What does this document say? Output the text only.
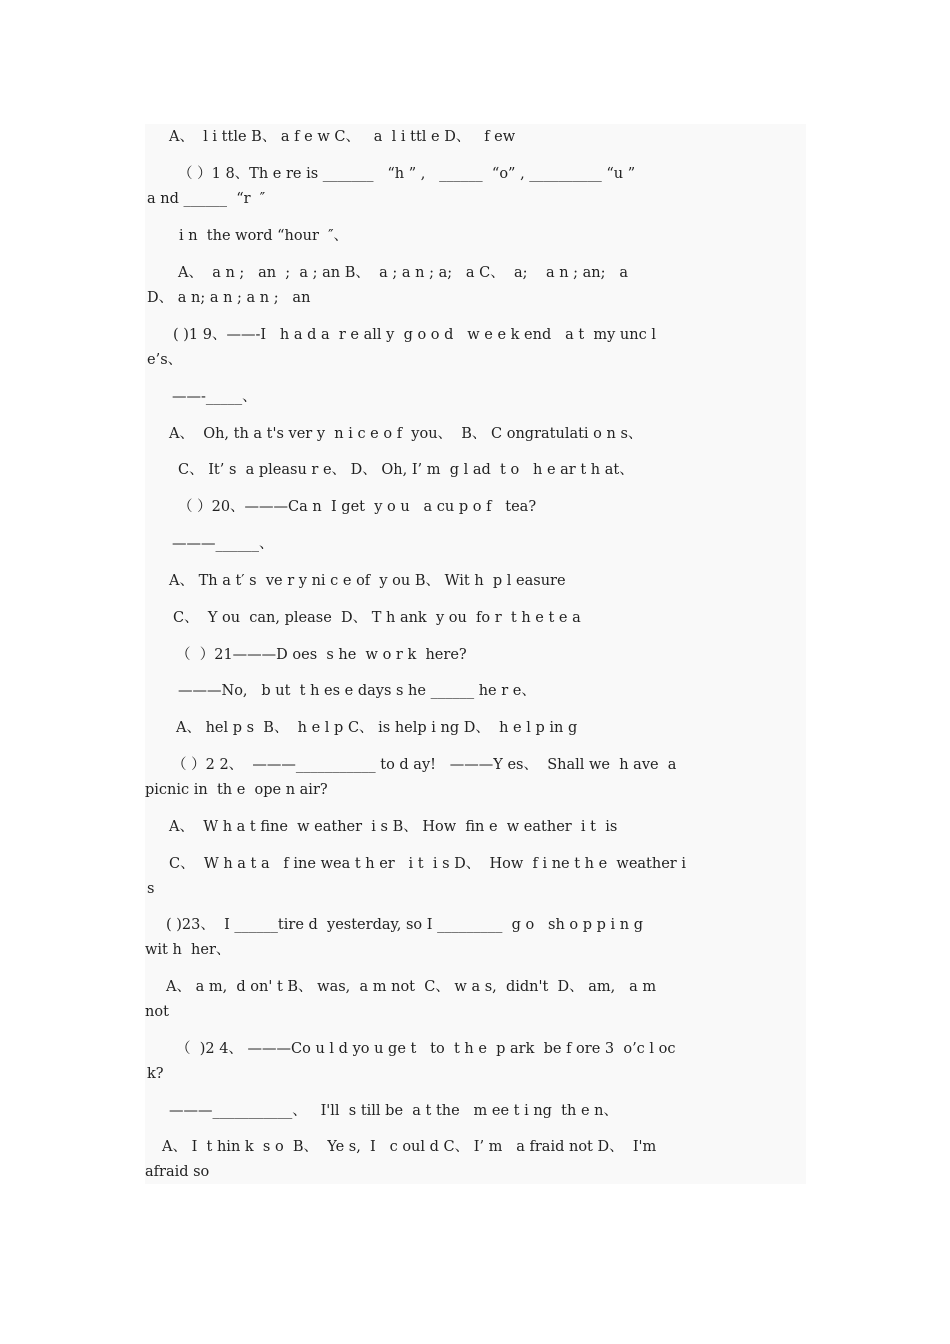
A、  l i ttle B、 a f e w C、   a  l i ttl e D、   f ew
（ ）1 8、Th e re is _______   “h ” ,   ______  “o” , __________ “u ”
a nd ______  “r  ″
i n  the word “hour  ″、
A、  a n ;   an  ;  a ; an B、  a ; a n ; a;   a C、  a;    a n ; an;   a
D、 a n; a n ; a n ;   an
( )1 9、——-I   h a d a  r e all y  g o o d   w e e k end   a t  my unc l
e’s、
——-_____、
A、  Oh, th a t's ver y  n i c e o f  you、  B、 C ongratulati o n s、
C、 It’ s  a pleasu r e、 D、 Oh, I’ m  g l ad  t o   h e ar t h at、
（ ）20、———Ca n  I get  y o u   a cu p o f   tea?
———______、
A、 Th a t′ s  ve r y ni c e of  y ou B、 Wit h  p l easure
C、  Y ou  can, please  D、 T h ank  y ou  fo r  t h e t e a
（  ）21———D oes  s he  w o r k  here?
———No,   b ut  t h es e days s he ______ he r e、
A、 hel p s  B、  h e l p C、 is help i ng D、  h e l p in g
（ ）2 2、  ———___________ to d ay!   ———Y es、  Shall we  h ave  a
picnic in  th e  ope n air?
A、  W h a t fine  w eather  i s B、 How  fin e  w eather  i t  is
C、  W h a t a   f ine wea t h er   i t  i s D、  How  f i ne t h e  weather i
s
( )23、  I ______tire d  yesterday, so I _________  g o   sh o p p i n g
wit h  her、
A、 a m,  d on' t B、 was,  a m not  C、 w a s,  didn't  D、 am,   a m
not
（  )2 4、 ———Co u l d yo u ge t   to  t h e  p ark  be f ore 3  o’c l oc
k?
———___________、   I'll  s till be  a t the   m ee t i ng  th e n、
A、 I  t hin k  s o  B、  Ye s,  I   c oul d C、 I’ m   a fraid not D、  I'm
afraid so
